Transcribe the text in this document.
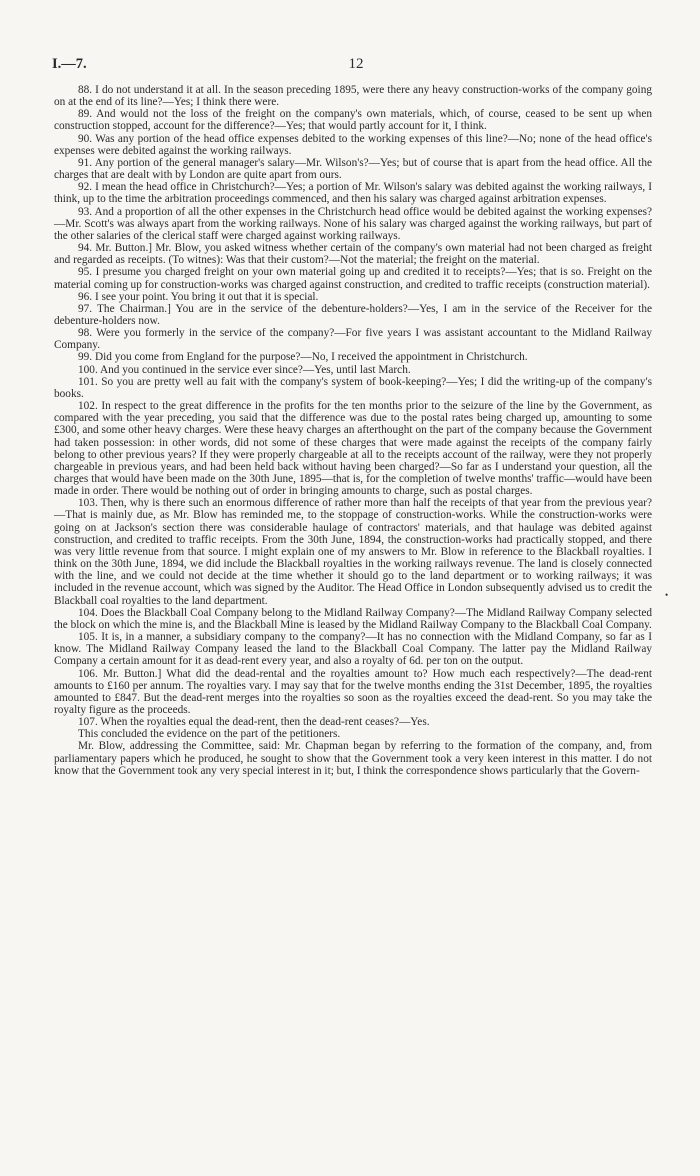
I.—7.	12

88. I do not understand it at all. In the season preceding 1895, were there any heavy construction-works of the company going on at the end of its line?—Yes; I think there were.

89. And would not the loss of the freight on the company's own materials, which, of course, ceased to be sent up when construction stopped, account for the difference?—Yes; that would partly account for it, I think.

90. Was any portion of the head office expenses debited to the working expenses of this line?—No; none of the head office's expenses were debited against the working railways.

91. Any portion of the general manager's salary—Mr. Wilson's?—Yes; but of course that is apart from the head office. All the charges that are dealt with by London are quite apart from ours.

92. I mean the head office in Christchurch?—Yes; a portion of Mr. Wilson's salary was debited against the working railways, I think, up to the time the arbitration proceedings commenced, and then his salary was charged against arbitration expenses.

93. And a proportion of all the other expenses in the Christchurch head office would be debited against the working expenses?—Mr. Scott's was always apart from the working railways. None of his salary was charged against the working railways, but part of the other salaries of the clerical staff were charged against working railways.

94. Mr. Button.] Mr. Blow, you asked witness whether certain of the company's own material had not been charged as freight and regarded as receipts. (To witnes): Was that their custom?—Not the material; the freight on the material.

95. I presume you charged freight on your own material going up and credited it to receipts?—Yes; that is so. Freight on the material coming up for construction-works was charged against construction, and credited to traffic receipts (construction material).

96. I see your point. You bring it out that it is special.

97. The Chairman.] You are in the service of the debenture-holders?—Yes, I am in the service of the Receiver for the debenture-holders now.

98. Were you formerly in the service of the company?—For five years I was assistant accountant to the Midland Railway Company.

99. Did you come from England for the purpose?—No, I received the appointment in Christchurch.

100. And you continued in the service ever since?—Yes, until last March.

101. So you are pretty well au fait with the company's system of book-keeping?—Yes; I did the writing-up of the company's books.

102. In respect to the great difference in the profits for the ten months prior to the seizure of the line by the Government, as compared with the year preceding, you said that the difference was due to the postal rates being charged up, amounting to some £300, and some other heavy charges. Were these heavy charges an afterthought on the part of the company because the Government had taken possession: in other words, did not some of these charges that were made against the receipts of the company fairly belong to other previous years? If they were properly chargeable at all to the receipts account of the railway, were they not properly chargeable in previous years, and had been held back without having been charged?—So far as I understand your question, all the charges that would have been made on the 30th June, 1895—that is, for the completion of twelve months' traffic—would have been made in order. There would be nothing out of order in bringing amounts to charge, such as postal charges.

103. Then, why is there such an enormous difference of rather more than half the receipts of that year from the previous year?—That is mainly due, as Mr. Blow has reminded me, to the stoppage of construction-works. While the construction-works were going on at Jackson's section there was considerable haulage of contractors' materials, and that haulage was debited against construction, and credited to traffic receipts. From the 30th June, 1894, the construction-works had practically stopped, and there was very little revenue from that source. I might explain one of my answers to Mr. Blow in reference to the Blackball royalties. I think on the 30th June, 1894, we did include the Blackball royalties in the working railways revenue. The land is closely connected with the line, and we could not decide at the time whether it should go to the land department or to working railways; it was included in the revenue account, which was signed by the Auditor. The Head Office in London subsequently advised us to credit the Blackball coal royalties to the land department.

104. Does the Blackball Coal Company belong to the Midland Railway Company?—The Midland Railway Company selected the block on which the mine is, and the Blackball Mine is leased by the Midland Railway Company to the Blackball Coal Company.

105. It is, in a manner, a subsidiary company to the company?—It has no connection with the Midland Company, so far as I know. The Midland Railway Company leased the land to the Blackball Coal Company. The latter pay the Midland Railway Company a certain amount for it as dead-rent every year, and also a royalty of 6d. per ton on the output.

106. Mr. Button.] What did the dead-rental and the royalties amount to? How much each respectively?—The dead-rent amounts to £160 per annum. The royalties vary. I may say that for the twelve months ending the 31st December, 1895, the royalties amounted to £847. But the dead-rent merges into the royalties so soon as the royalties exceed the dead-rent. So you may take the royalty figure as the proceeds.

107. When the royalties equal the dead-rent, then the dead-rent ceases?—Yes.

This concluded the evidence on the part of the petitioners.

Mr. Blow, addressing the Committee, said: Mr. Chapman began by referring to the formation of the company, and, from parliamentary papers which he produced, he sought to show that the Government took a very keen interest in this matter. I do not know that the Government took any very special interest in it; but, I think the correspondence shows particularly that the Govern-

•
